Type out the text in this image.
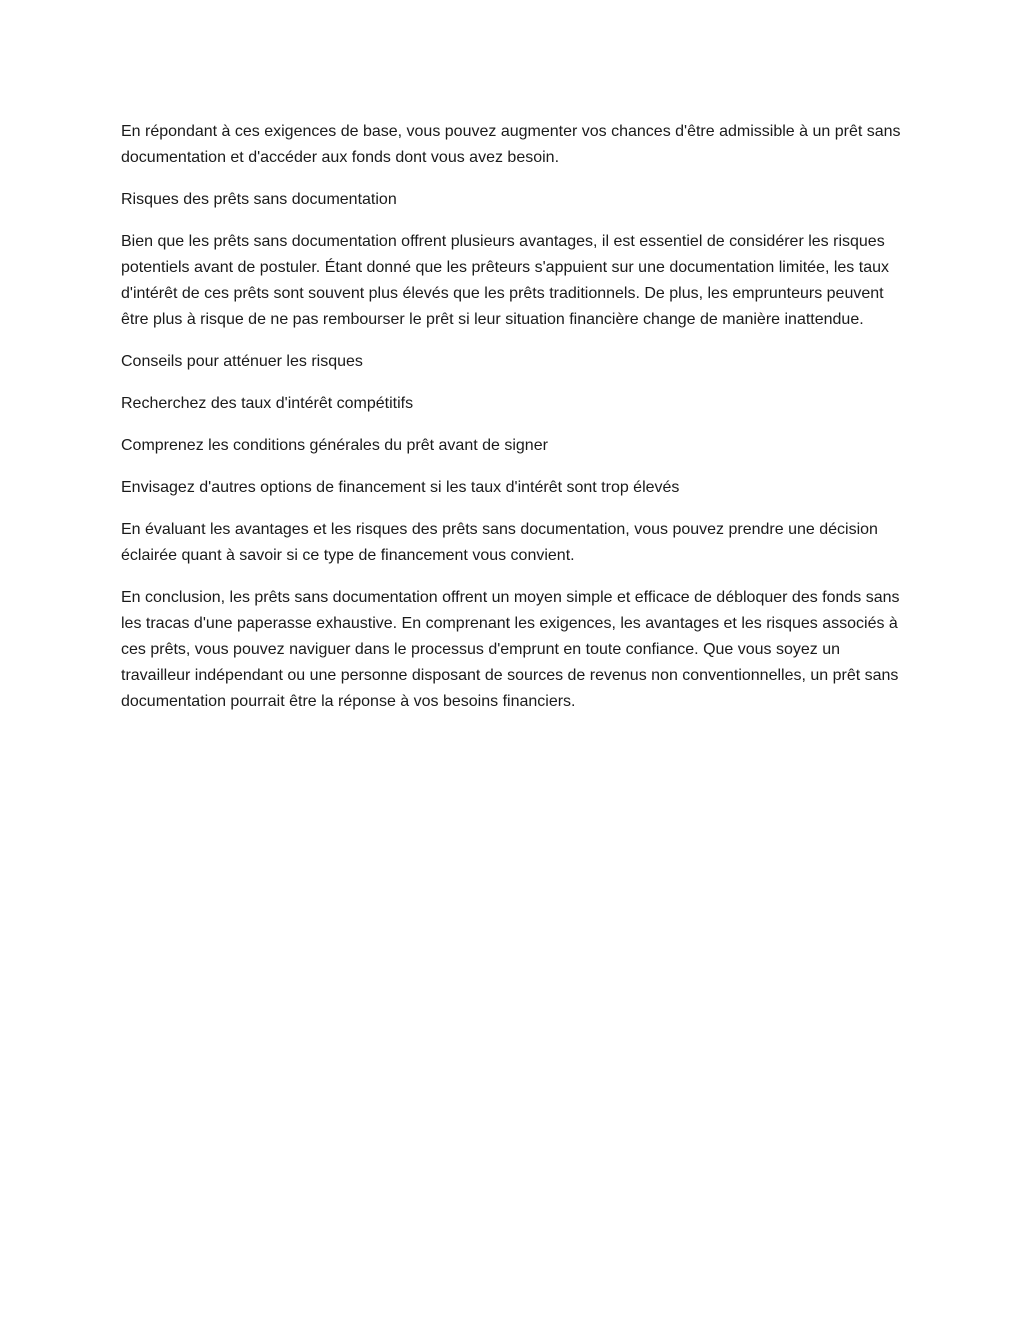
En répondant à ces exigences de base, vous pouvez augmenter vos chances d'être admissible à un prêt sans documentation et d'accéder aux fonds dont vous avez besoin.

Risques des prêts sans documentation

Bien que les prêts sans documentation offrent plusieurs avantages, il est essentiel de considérer les risques potentiels avant de postuler. Étant donné que les prêteurs s'appuient sur une documentation limitée, les taux d'intérêt de ces prêts sont souvent plus élevés que les prêts traditionnels. De plus, les emprunteurs peuvent être plus à risque de ne pas rembourser le prêt si leur situation financière change de manière inattendue.

Conseils pour atténuer les risques

Recherchez des taux d'intérêt compétitifs

Comprenez les conditions générales du prêt avant de signer

Envisagez d'autres options de financement si les taux d'intérêt sont trop élevés

En évaluant les avantages et les risques des prêts sans documentation, vous pouvez prendre une décision éclairée quant à savoir si ce type de financement vous convient.

En conclusion, les prêts sans documentation offrent un moyen simple et efficace de débloquer des fonds sans les tracas d'une paperasse exhaustive. En comprenant les exigences, les avantages et les risques associés à ces prêts, vous pouvez naviguer dans le processus d'emprunt en toute confiance. Que vous soyez un travailleur indépendant ou une personne disposant de sources de revenus non conventionnelles, un prêt sans documentation pourrait être la réponse à vos besoins financiers.
